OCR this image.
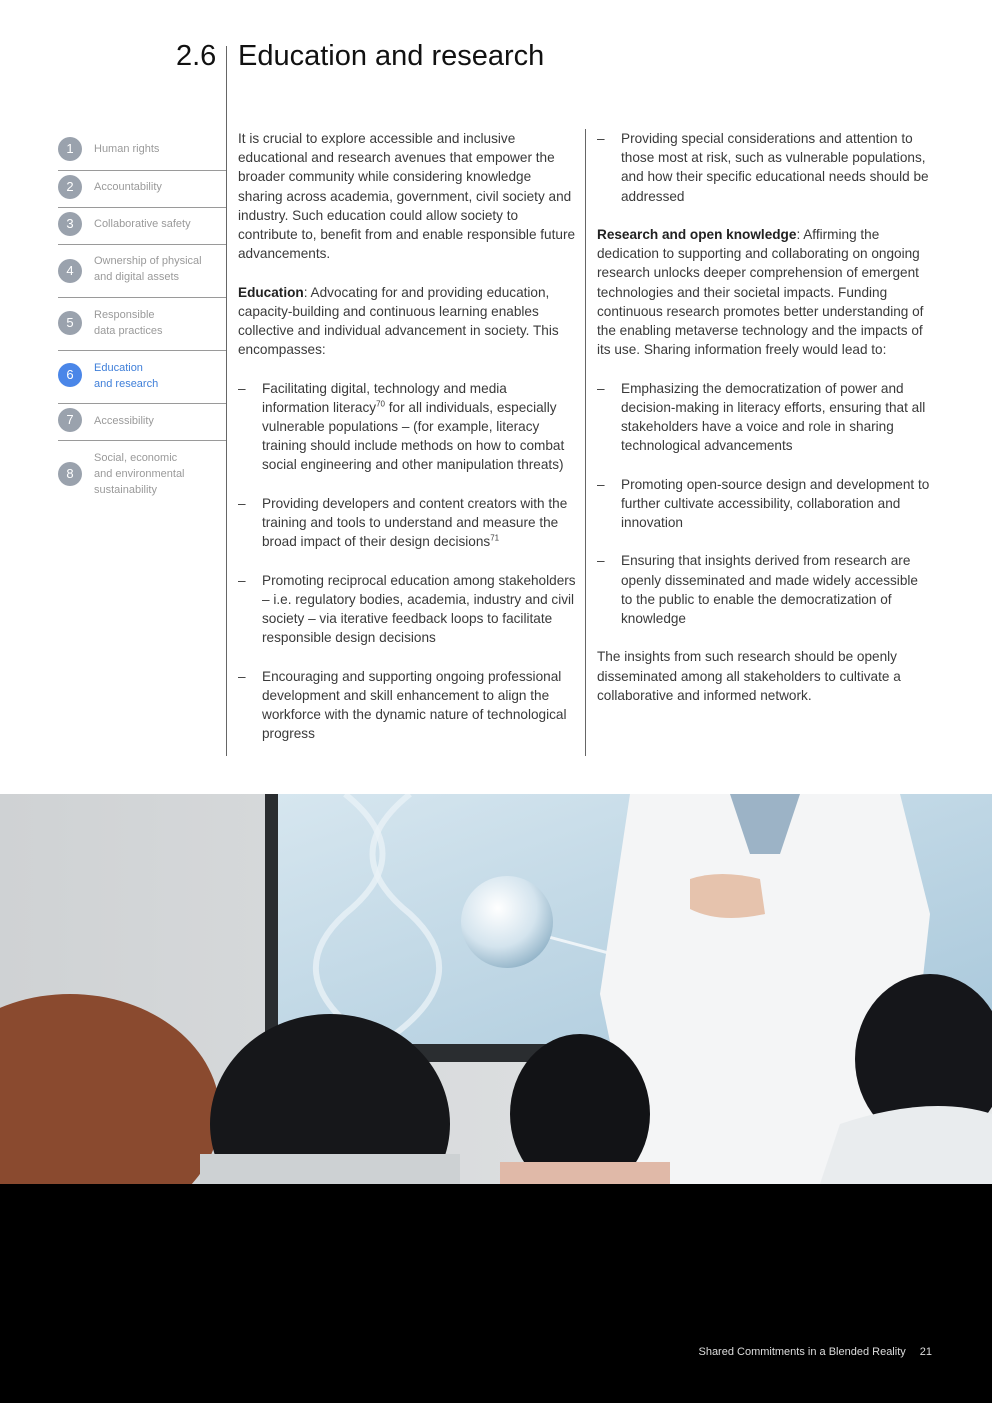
2.6 Education and research
1	Human rights
2	Accountability
3	Collaborative safety
4
Ownership of physical
and digital assets
5	Responsible
data practices
6	Education
and research
7	Accessibility
8
Social, economic
and environmental
sustainability

It is crucial to explore accessible and inclusive educational and research avenues that empower the broader community while considering knowledge sharing across academia, government, civil society and industry. Such education could allow society to contribute to, benefit from and enable responsible future advancements.

Education: Advocating for and providing education, capacity-building and continuous learning enables collective and individual advancement in society. This encompasses:

– Facilitating digital, technology and media information literacy$^{70}$ for all individuals, especially vulnerable populations – (for example, literacy training should include methods on how to combat social engineering and other manipulation threats)
– Providing developers and content creators with the training and tools to understand and measure the broad impact of their design decisions$^{71}$
– Promoting reciprocal education among stakeholders – i.e. regulatory bodies, academia, industry and civil society – via iterative feedback loops to facilitate responsible design decisions
– Encouraging and supporting ongoing professional development and skill enhancement to align the workforce with the dynamic nature of technological progress
– Providing special considerations and attention to those most at risk, such as vulnerable populations, and how their specific educational needs should be addressed

Research and open knowledge: Affirming the dedication to supporting and collaborating on ongoing research unlocks deeper comprehension of emergent technologies and their societal impacts. Funding continuous research promotes better understanding of the enabling metaverse technology and the impacts of its use. Sharing information freely would lead to:

– Emphasizing the democratization of power and decision-making in literacy efforts, ensuring that all stakeholders have a voice and role in sharing technological advancements
– Promoting open-source design and development to further cultivate accessibility, collaboration and innovation
– Ensuring that insights derived from research are openly disseminated and made widely accessible to the public to enable the democratization of knowledge

The insights from such research should be openly disseminated among all stakeholders to cultivate a collaborative and informed network.

Shared Commitments in a Blended Reality 21
